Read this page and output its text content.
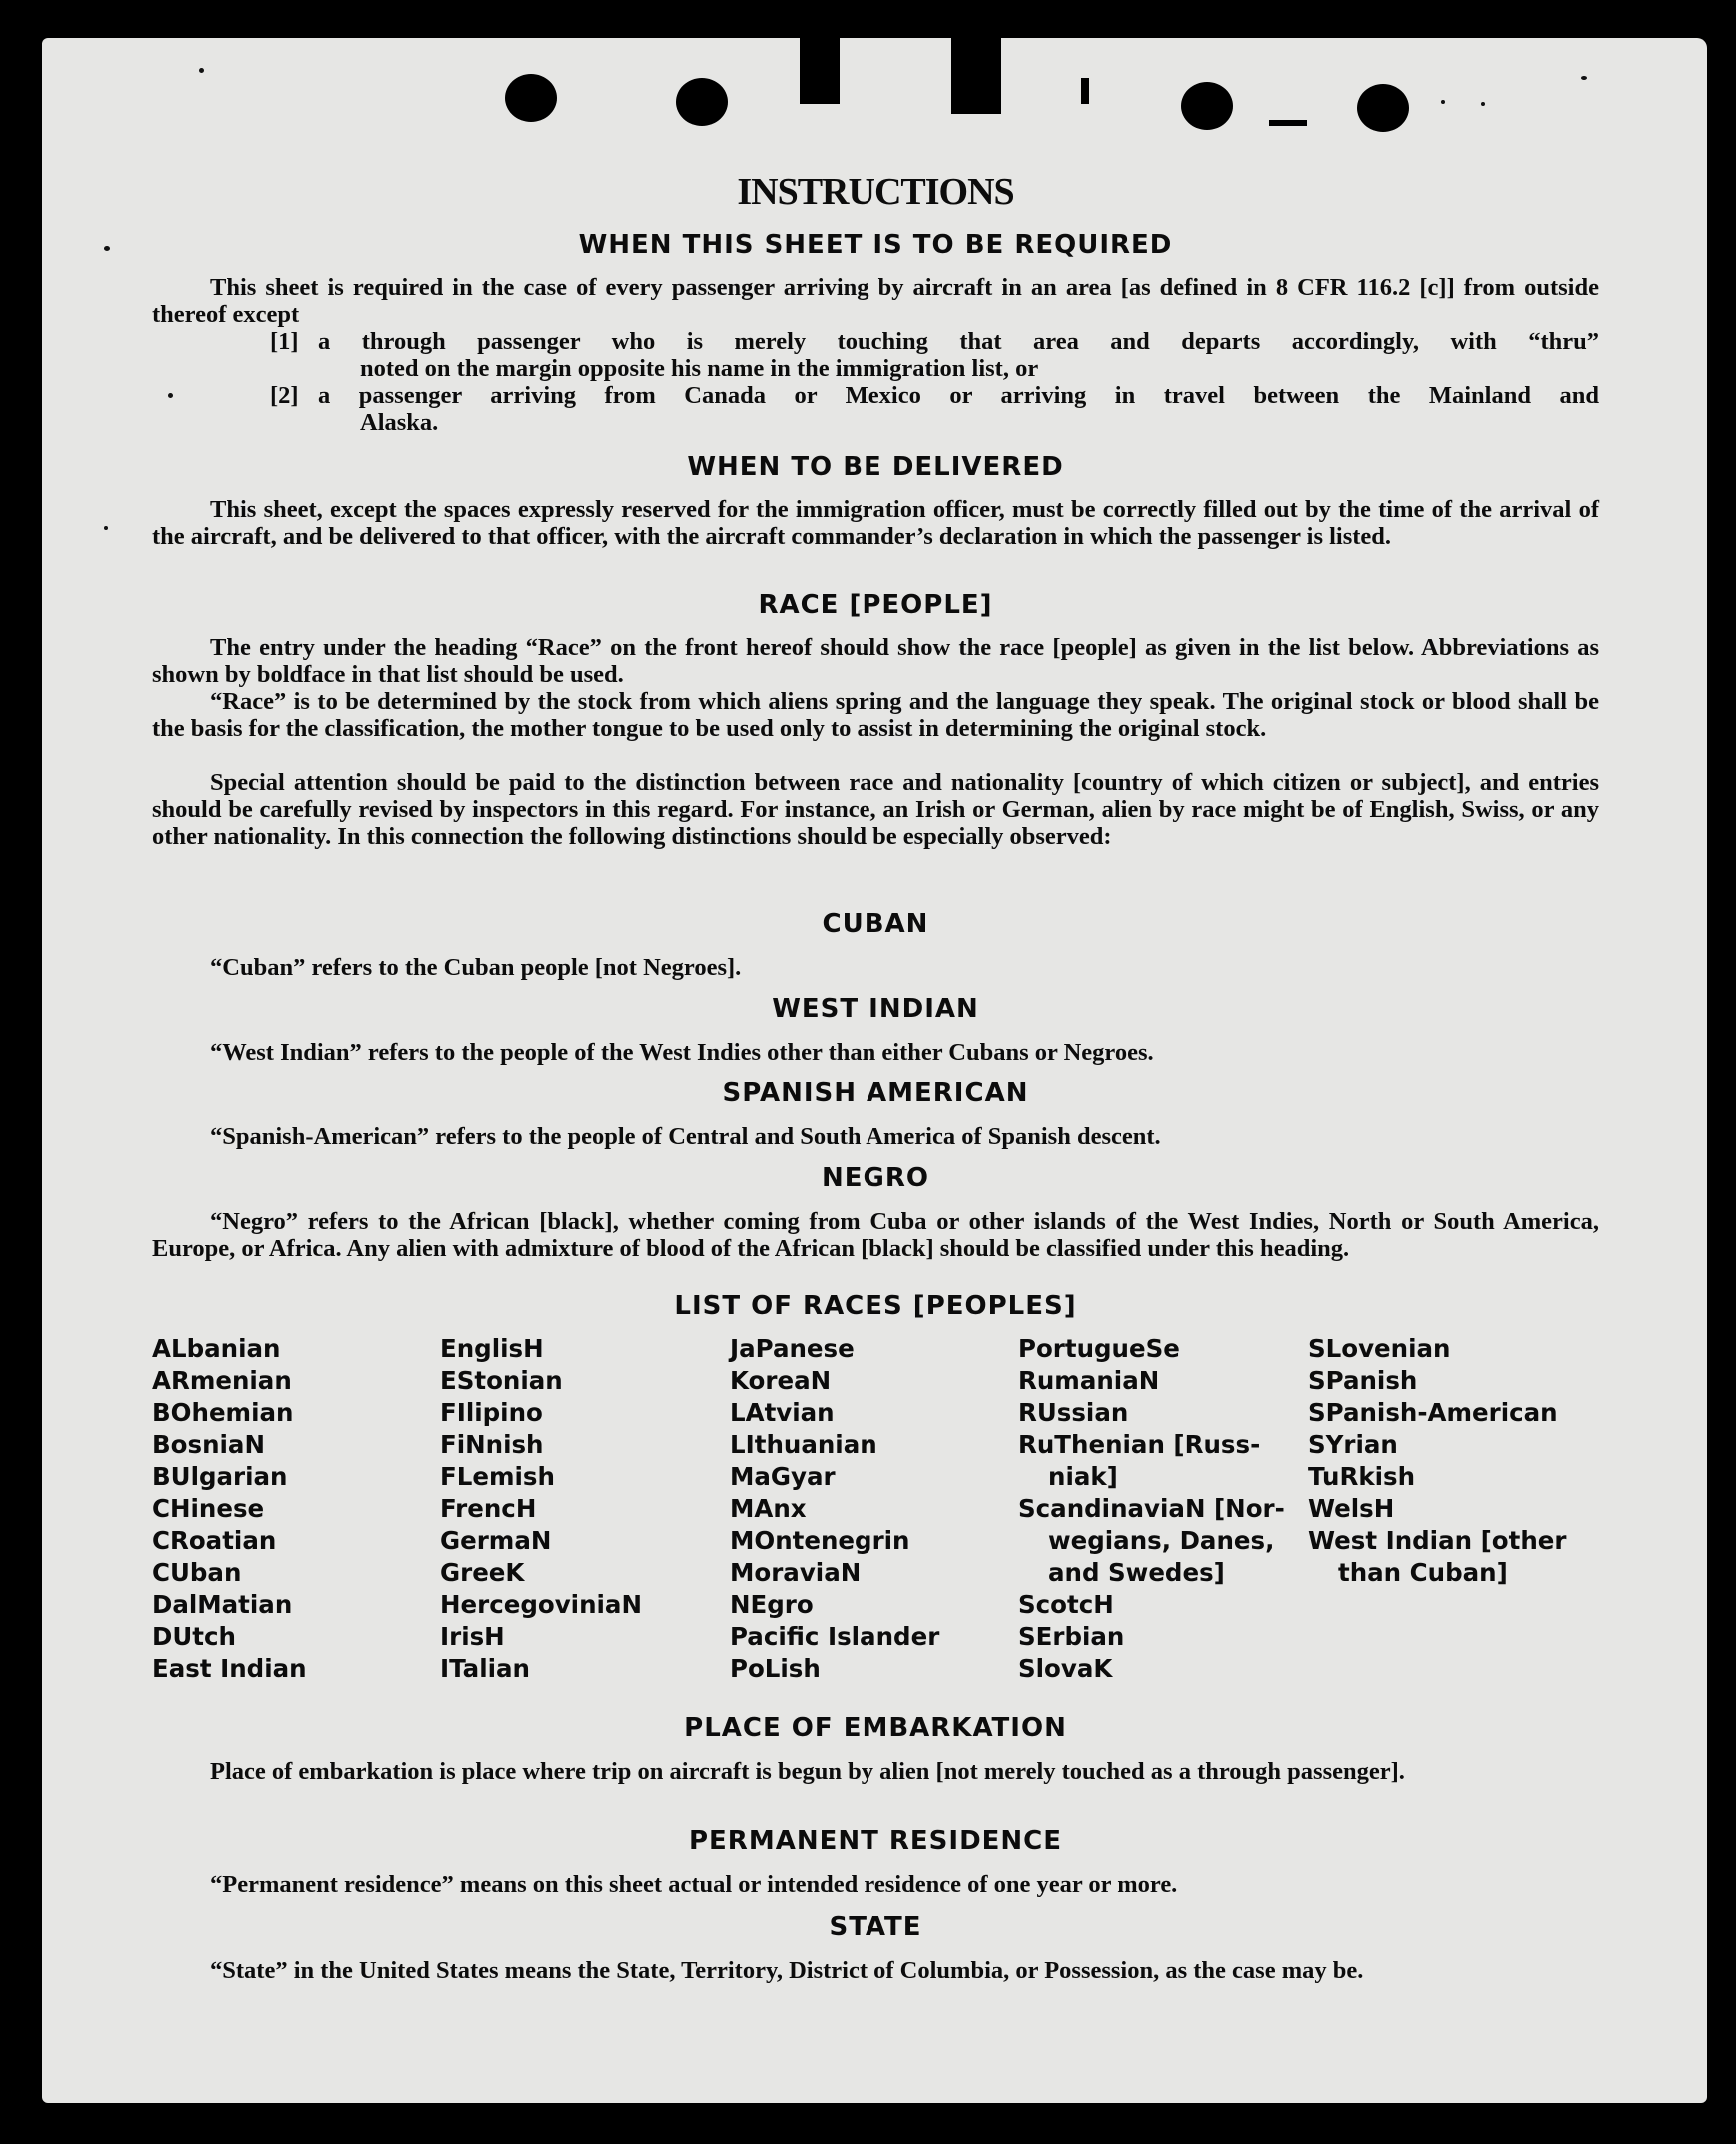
INSTRUCTIONS
WHEN THIS SHEET IS TO BE REQUIRED
This sheet is required in the case of every passenger arriving by aircraft in an area [as defined in 8 CFR 116.2 [c]] from outside thereof except
[1] a through passenger who is merely touching that area and departs accordingly, with “thru”
noted on the margin opposite his name in the immigration list, or
[2] a passenger arriving from Canada or Mexico or arriving in travel between the Mainland and
Alaska.
WHEN TO BE DELIVERED
This sheet, except the spaces expressly reserved for the immigration officer, must be correctly filled out by the time of the arrival of the aircraft, and be delivered to that officer, with the aircraft commander’s declaration in which the passenger is listed.
RACE [PEOPLE]
The entry under the heading “Race” on the front hereof should show the race [people] as given in the list below. Abbreviations as shown by boldface in that list should be used.
“Race” is to be determined by the stock from which aliens spring and the language they speak. The original stock or blood shall be the basis for the classification, the mother tongue to be used only to assist in determining the original stock.
Special attention should be paid to the distinction between race and nationality [country of which citizen or subject], and entries should be carefully revised by inspectors in this regard. For instance, an Irish or German, alien by race might be of English, Swiss, or any other nationality. In this connection the following distinctions should be especially observed:
CUBAN
“Cuban” refers to the Cuban people [not Negroes].
WEST INDIAN
“West Indian” refers to the people of the West Indies other than either Cubans or Negroes.
SPANISH AMERICAN
“Spanish-American” refers to the people of Central and South America of Spanish descent.
NEGRO
“Negro” refers to the African [black], whether coming from Cuba or other islands of the West Indies, North or South America, Europe, or Africa. Any alien with admixture of blood of the African [black] should be classified under this heading.
LIST OF RACES [PEOPLES]
ALbanian
ARmenian
BOhemian
BosniaN
BUlgarian
CHinese
CRoatian
CUban
DalMatian
DUtch
East Indian
EnglisH
EStonian
FIlipino
FiNnish
FLemish
FrencH
GermaN
GreeK
HercegoviniaN
IrisH
ITalian
JaPanese
KoreaN
LAtvian
LIthuanian
MaGyar
MAnx
MOntenegrin
MoraviaN
NEgro
Pacific Islander
PoLish
PortugueSe
RumaniaN
RUssian
RuThenian [Russ-
niak]
ScandinaviaN [Nor-
wegians, Danes,
and Swedes]
ScotcH
SErbian
SlovaK
SLovenian
SPanish
SPanish-American
SYrian
TuRkish
WelsH
West Indian [other
than Cuban]
PLACE OF EMBARKATION
Place of embarkation is place where trip on aircraft is begun by alien [not merely touched as a through passenger].
PERMANENT RESIDENCE
“Permanent residence” means on this sheet actual or intended residence of one year or more.
STATE
“State” in the United States means the State, Territory, District of Columbia, or Possession, as the case may be.
